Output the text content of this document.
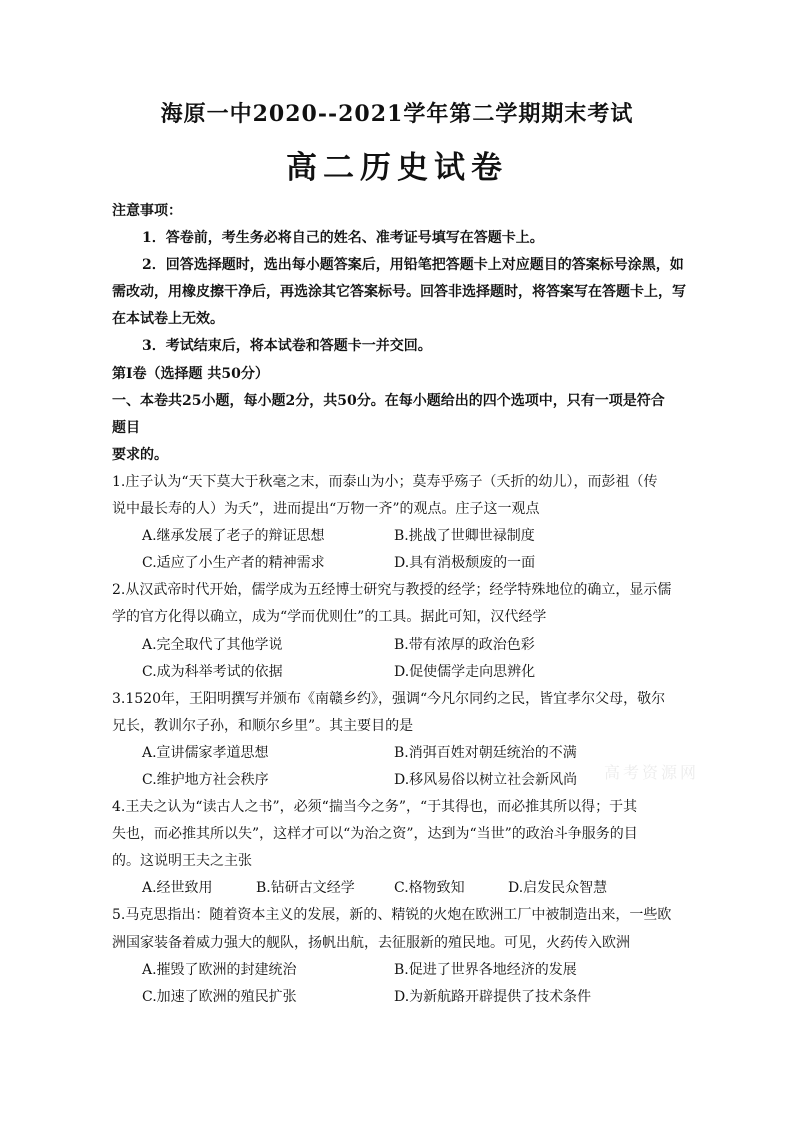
海原一中2020--2021学年第二学期期末考试
高二历史试卷
注意事项：
1．答卷前，考生务必将自己的姓名、准考证号填写在答题卡上。
2．回答选择题时，选出每小题答案后，用铅笔把答题卡上对应题目的答案标号涂黑，如需改动，用橡皮擦干净后，再选涂其它答案标号。回答非选择题时，将答案写在答题卡上，写在本试卷上无效。
3．考试结束后，将本试卷和答题卡一并交回。
第Ⅰ卷（选择题 共50分）
一、本卷共25小题，每小题2分，共50分。在每小题给出的四个选项中，只有一项是符合
题目
要求的。
1.庄子认为“天下莫大于秋毫之末，而泰山为小；莫寿乎殇子（夭折的幼儿），而彭祖（传
说中最长寿的人）为夭”，进而提出“万物一齐”的观点。庄子这一观点
A.继承发展了老子的辩证思想	B.挑战了世卿世禄制度
C.适应了小生产者的精神需求	D.具有消极颓废的一面
2.从汉武帝时代开始，儒学成为五经博士研究与教授的经学；经学特殊地位的确立，显示儒
学的官方化得以确立，成为“学而优则仕”的工具。据此可知，汉代经学
A.完全取代了其他学说	B.带有浓厚的政治色彩
C.成为科举考试的依据	D.促使儒学走向思辨化
3.1520年，王阳明撰写并颁布《南赣乡约》，强调“今凡尔同约之民，皆宜孝尔父母，敬尔
兄长，教训尔子孙，和顺尔乡里”。其主要目的是
A.宣讲儒家孝道思想	B.消弭百姓对朝廷统治的不满
C.维护地方社会秩序	D.移风易俗以树立社会新风尚
4.王夫之认为“读古人之书”，必须“揣当今之务”，“于其得也，而必推其所以得；于其
失也，而必推其所以失”，这样才可以“为治之资”，达到为“当世”的政治斗争服务的目
的。这说明王夫之主张
A.经世致用	B.钻研古文经学	C.格物致知	D.启发民众智慧
5.马克思指出：随着资本主义的发展，新的、精锐的火炮在欧洲工厂中被制造出来，一些欧
洲国家装备着威力强大的舰队，扬帆出航，去征服新的殖民地。可见，火药传入欧洲
A.摧毁了欧洲的封建统治	B.促进了世界各地经济的发展
C.加速了欧洲的殖民扩张	D.为新航路开辟提供了技术条件
高考资源网
